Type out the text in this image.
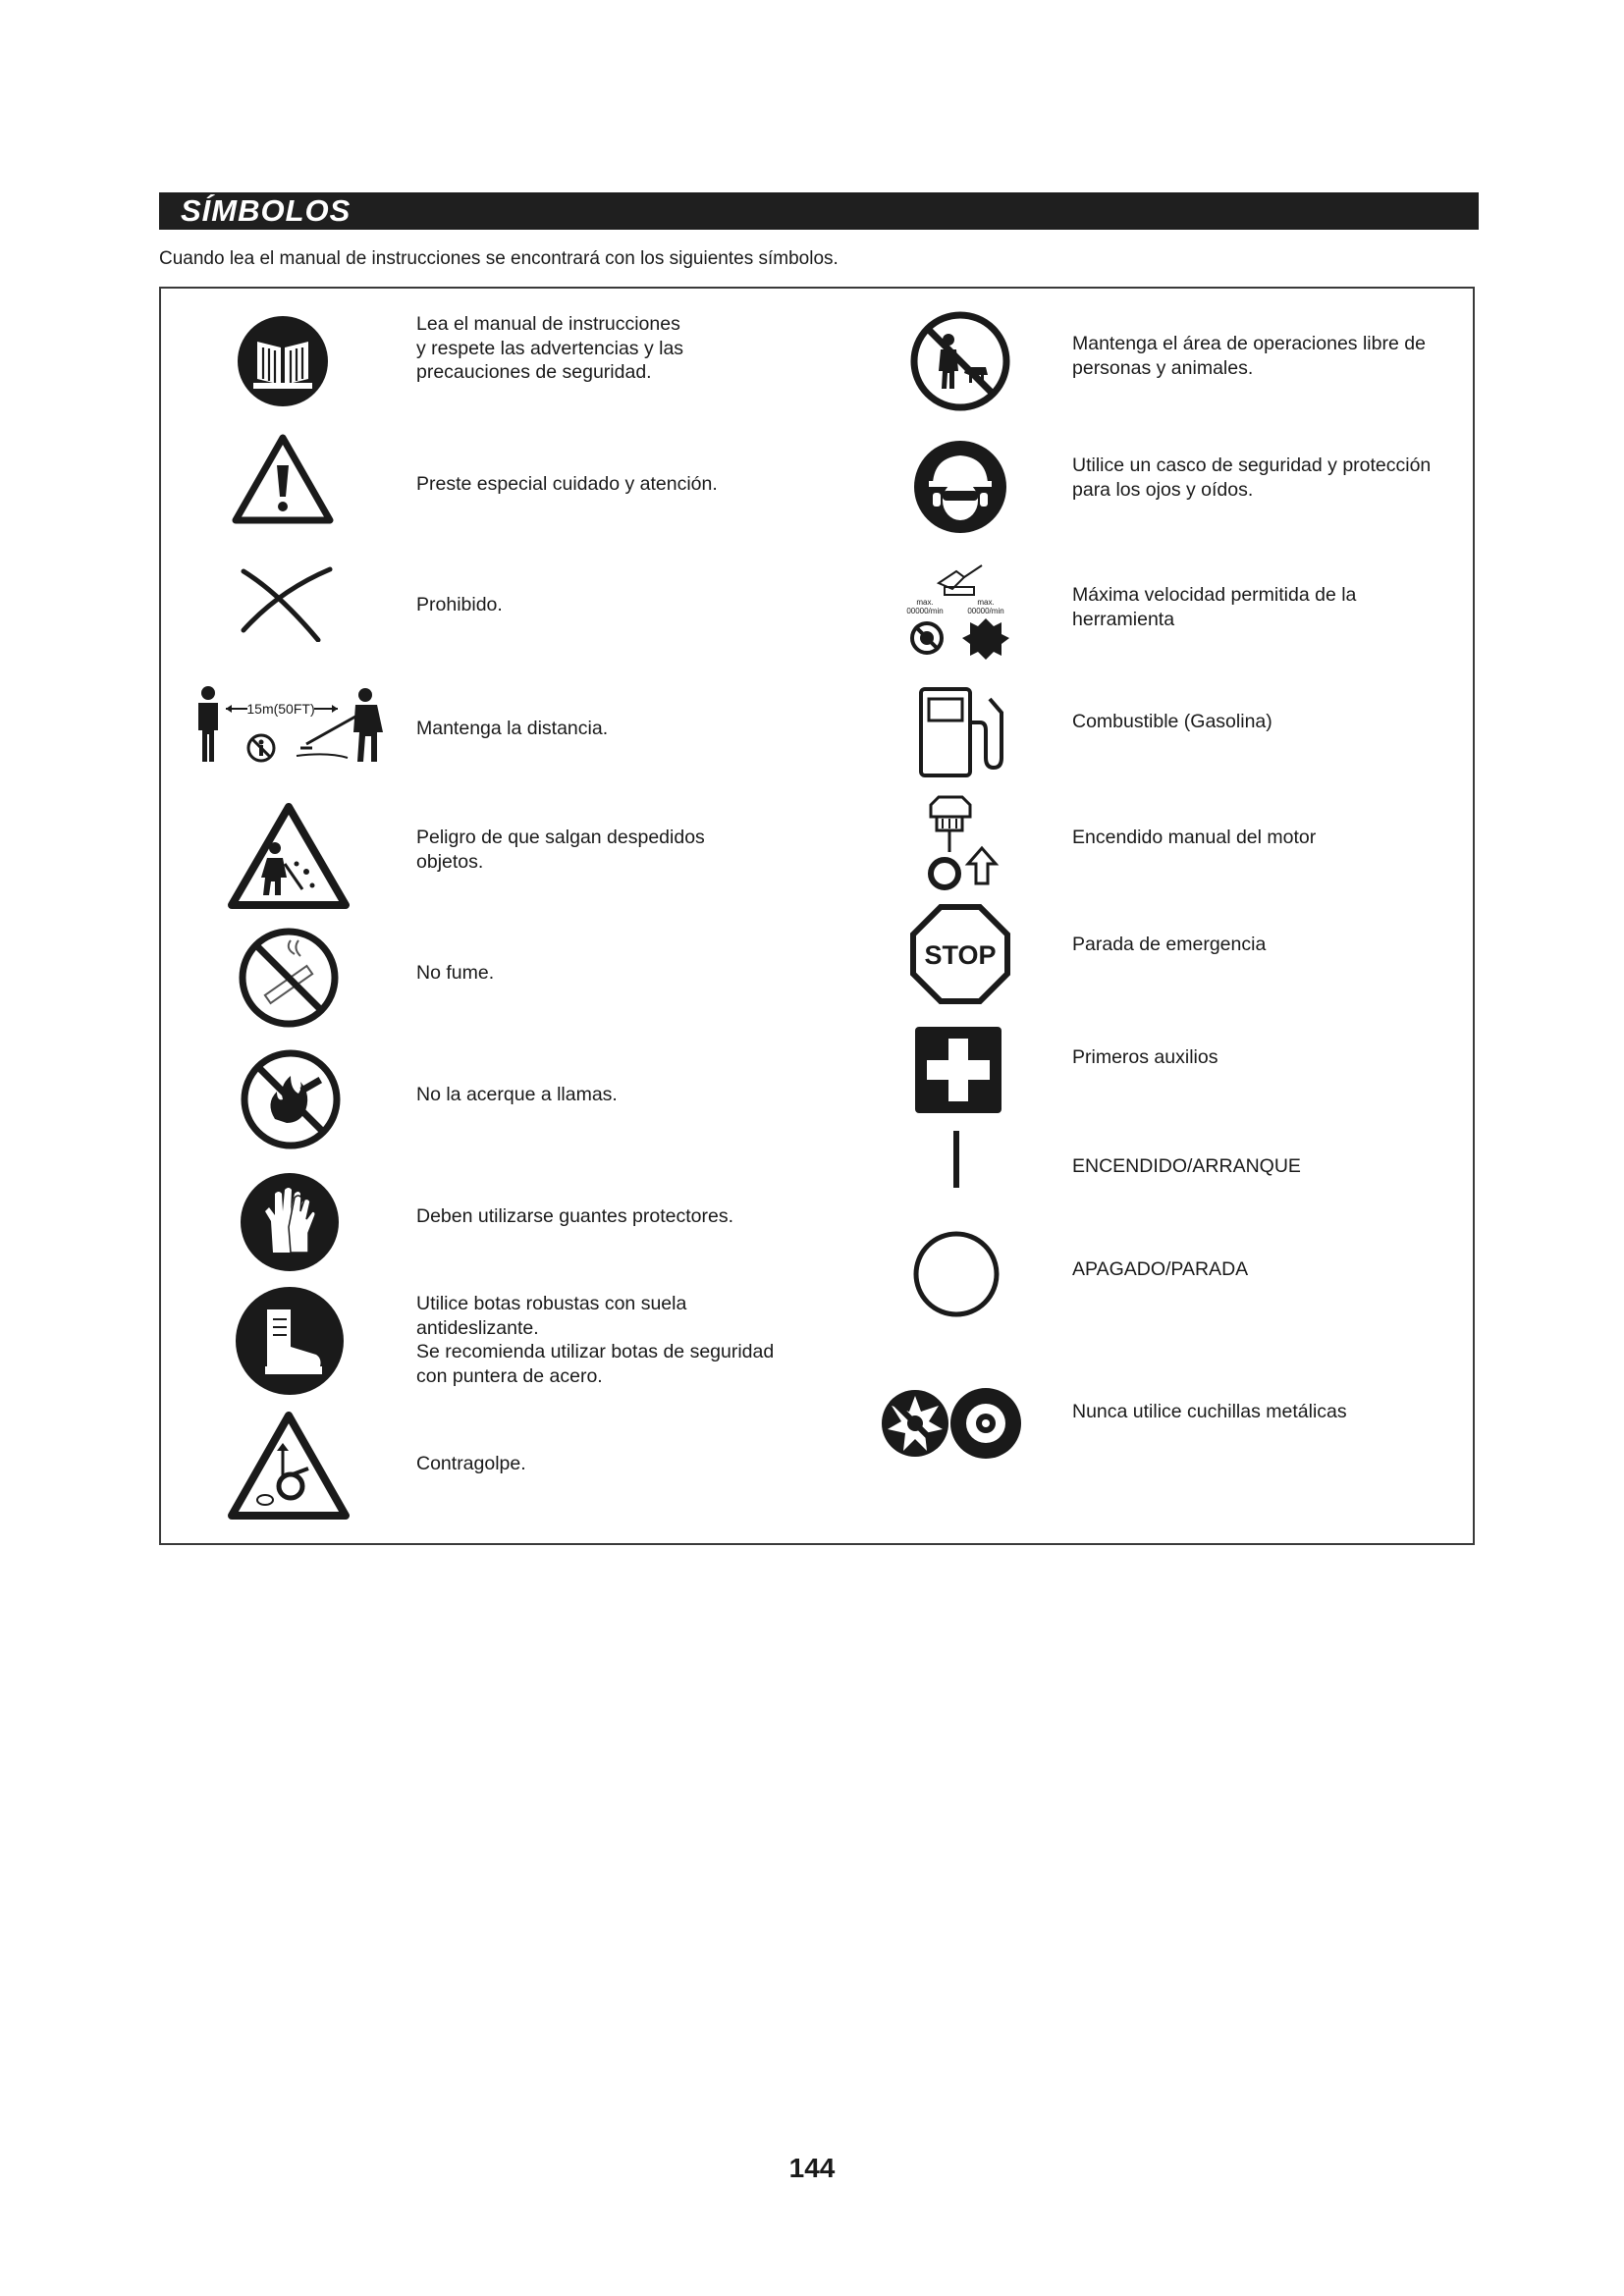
SÍMBOLOS
Cuando lea el manual de instrucciones se encontrará con los siguientes símbolos.
Lea el manual de instrucciones
y respete las advertencias y las
precauciones de seguridad.
Preste especial cuidado y atención.
Prohibido.
15m(50FT)
Mantenga la distancia.
Peligro de que salgan despedidos
objetos.
No fume.
No la acerque a llamas.
Deben utilizarse guantes protectores.
Utilice botas robustas con suela
antideslizante.
Se recomienda utilizar botas de seguridad
con puntera de acero.
Contragolpe.
Mantenga el área de operaciones libre de
personas y animales.
Utilice un casco de seguridad y protección
para los ojos y oídos.
max.
00000/min
max.
00000/min
Máxima velocidad permitida de la
herramienta
Combustible (Gasolina)
Encendido manual del motor
STOP	Parada de emergencia
Primeros auxilios
ENCENDIDO/ARRANQUE
APAGADO/PARADA
Nunca utilice cuchillas metálicas
144
